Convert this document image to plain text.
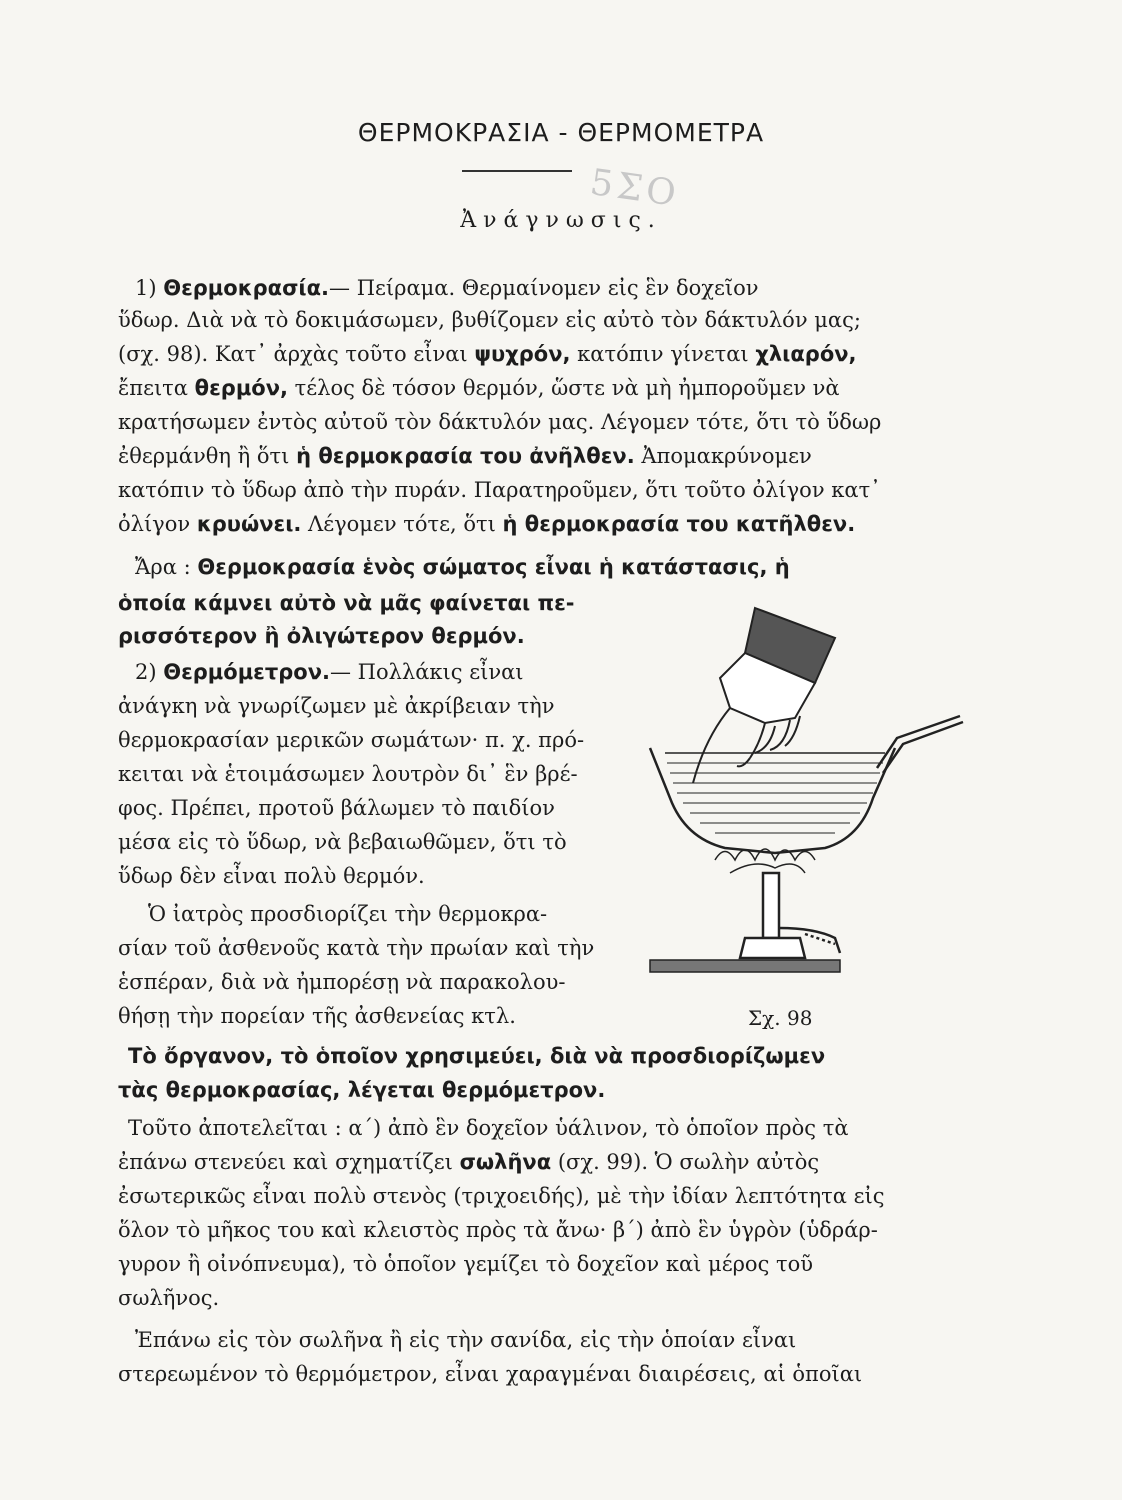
ΘΕΡΜΟΚΡΑΣΙΑ - ΘΕΡΜΟΜΕΤΡΑ
5ΣΟ
Ἀνάγνωσις.
1) Θερμοκρασία.— Πείραμα. Θερμαίνομεν εἰς ἓν δοχεῖον
ὕδωρ. Διὰ νὰ τὸ δοκιμάσωμεν, βυθίζομεν εἰς αὐτὸ τὸν δάκτυλόν μας;
(σχ. 98). Κατ᾿ ἀρχὰς τοῦτο εἶναι ψυχρόν, κατόπιν γίνεται χλιαρόν,
ἔπειτα θερμόν, τέλος δὲ τόσον θερμόν, ὥστε νὰ μὴ ἠμποροῦμεν νὰ
κρατήσωμεν ἐντὸς αὐτοῦ τὸν δάκτυλόν μας. Λέγομεν τότε, ὅτι τὸ ὕδωρ
ἐθερμάνθη ἢ ὅτι ἡ θερμοκρασία του ἀνῆλθεν. Ἀπομακρύνομεν
κατόπιν τὸ ὕδωρ ἀπὸ τὴν πυράν. Παρατηροῦμεν, ὅτι τοῦτο ὀλίγον κατ᾿
ὀλίγον κρυώνει. Λέγομεν τότε, ὅτι ἡ θερμοκρασία του κατῆλθεν.
Ἄρα : Θερμοκρασία ἑνὸς σώματος εἶναι ἡ κατάστασις, ἡ
ὁποία κάμνει αὐτὸ νὰ μᾶς φαίνεται πε-
ρισσότερον ἢ ὀλιγώτερον θερμόν.
2) Θερμόμετρον.— Πολλάκις εἶναι
ἀνάγκη νὰ γνωρίζωμεν μὲ ἀκρίβειαν τὴν
θερμοκρασίαν μερικῶν σωμάτων· π. χ. πρό-
κειται νὰ ἑτοιμάσωμεν λουτρὸν δι᾿ ἓν βρέ-
φος. Πρέπει, προτοῦ βάλωμεν τὸ παιδίον
μέσα εἰς τὸ ὕδωρ, νὰ βεβαιωθῶμεν, ὅτι τὸ
ὕδωρ δὲν εἶναι πολὺ θερμόν.
Ὁ ἰατρὸς προσδιορίζει τὴν θερμοκρα-
σίαν τοῦ ἀσθενοῦς κατὰ τὴν πρωίαν καὶ τὴν
ἑσπέραν, διὰ νὰ ἠμπορέσῃ νὰ παρακολου-
θήσῃ τὴν πορείαν τῆς ἀσθενείας κτλ.
Τὸ ὄργανον, τὸ ὁποῖον χρησιμεύει, διὰ νὰ προσδιορίζωμεν
τὰς θερμοκρασίας, λέγεται θερμόμετρον.
Τοῦτο ἀποτελεῖται : α΄) ἀπὸ ἓν δοχεῖον ὑάλινον, τὸ ὁποῖον πρὸς τὰ
ἐπάνω στενεύει καὶ σχηματίζει σωλῆνα (σχ. 99). Ὁ σωλὴν αὐτὸς
ἐσωτερικῶς εἶναι πολὺ στενὸς (τριχοειδής), μὲ τὴν ἰδίαν λεπτότητα εἰς
ὅλον τὸ μῆκος του καὶ κλειστὸς πρὸς τὰ ἄνω· β΄) ἀπὸ ἓν ὑγρὸν (ὑδράρ-
γυρον ἢ οἰνόπνευμα), τὸ ὁποῖον γεμίζει τὸ δοχεῖον καὶ μέρος τοῦ
σωλῆνος.
Ἐπάνω εἰς τὸν σωλῆνα ἢ εἰς τὴν σανίδα, εἰς τὴν ὁποίαν εἶναι
στερεωμένον τὸ θερμόμετρον, εἶναι χαραγμέναι διαιρέσεις, αἱ ὁποῖαι
Σχ. 98
